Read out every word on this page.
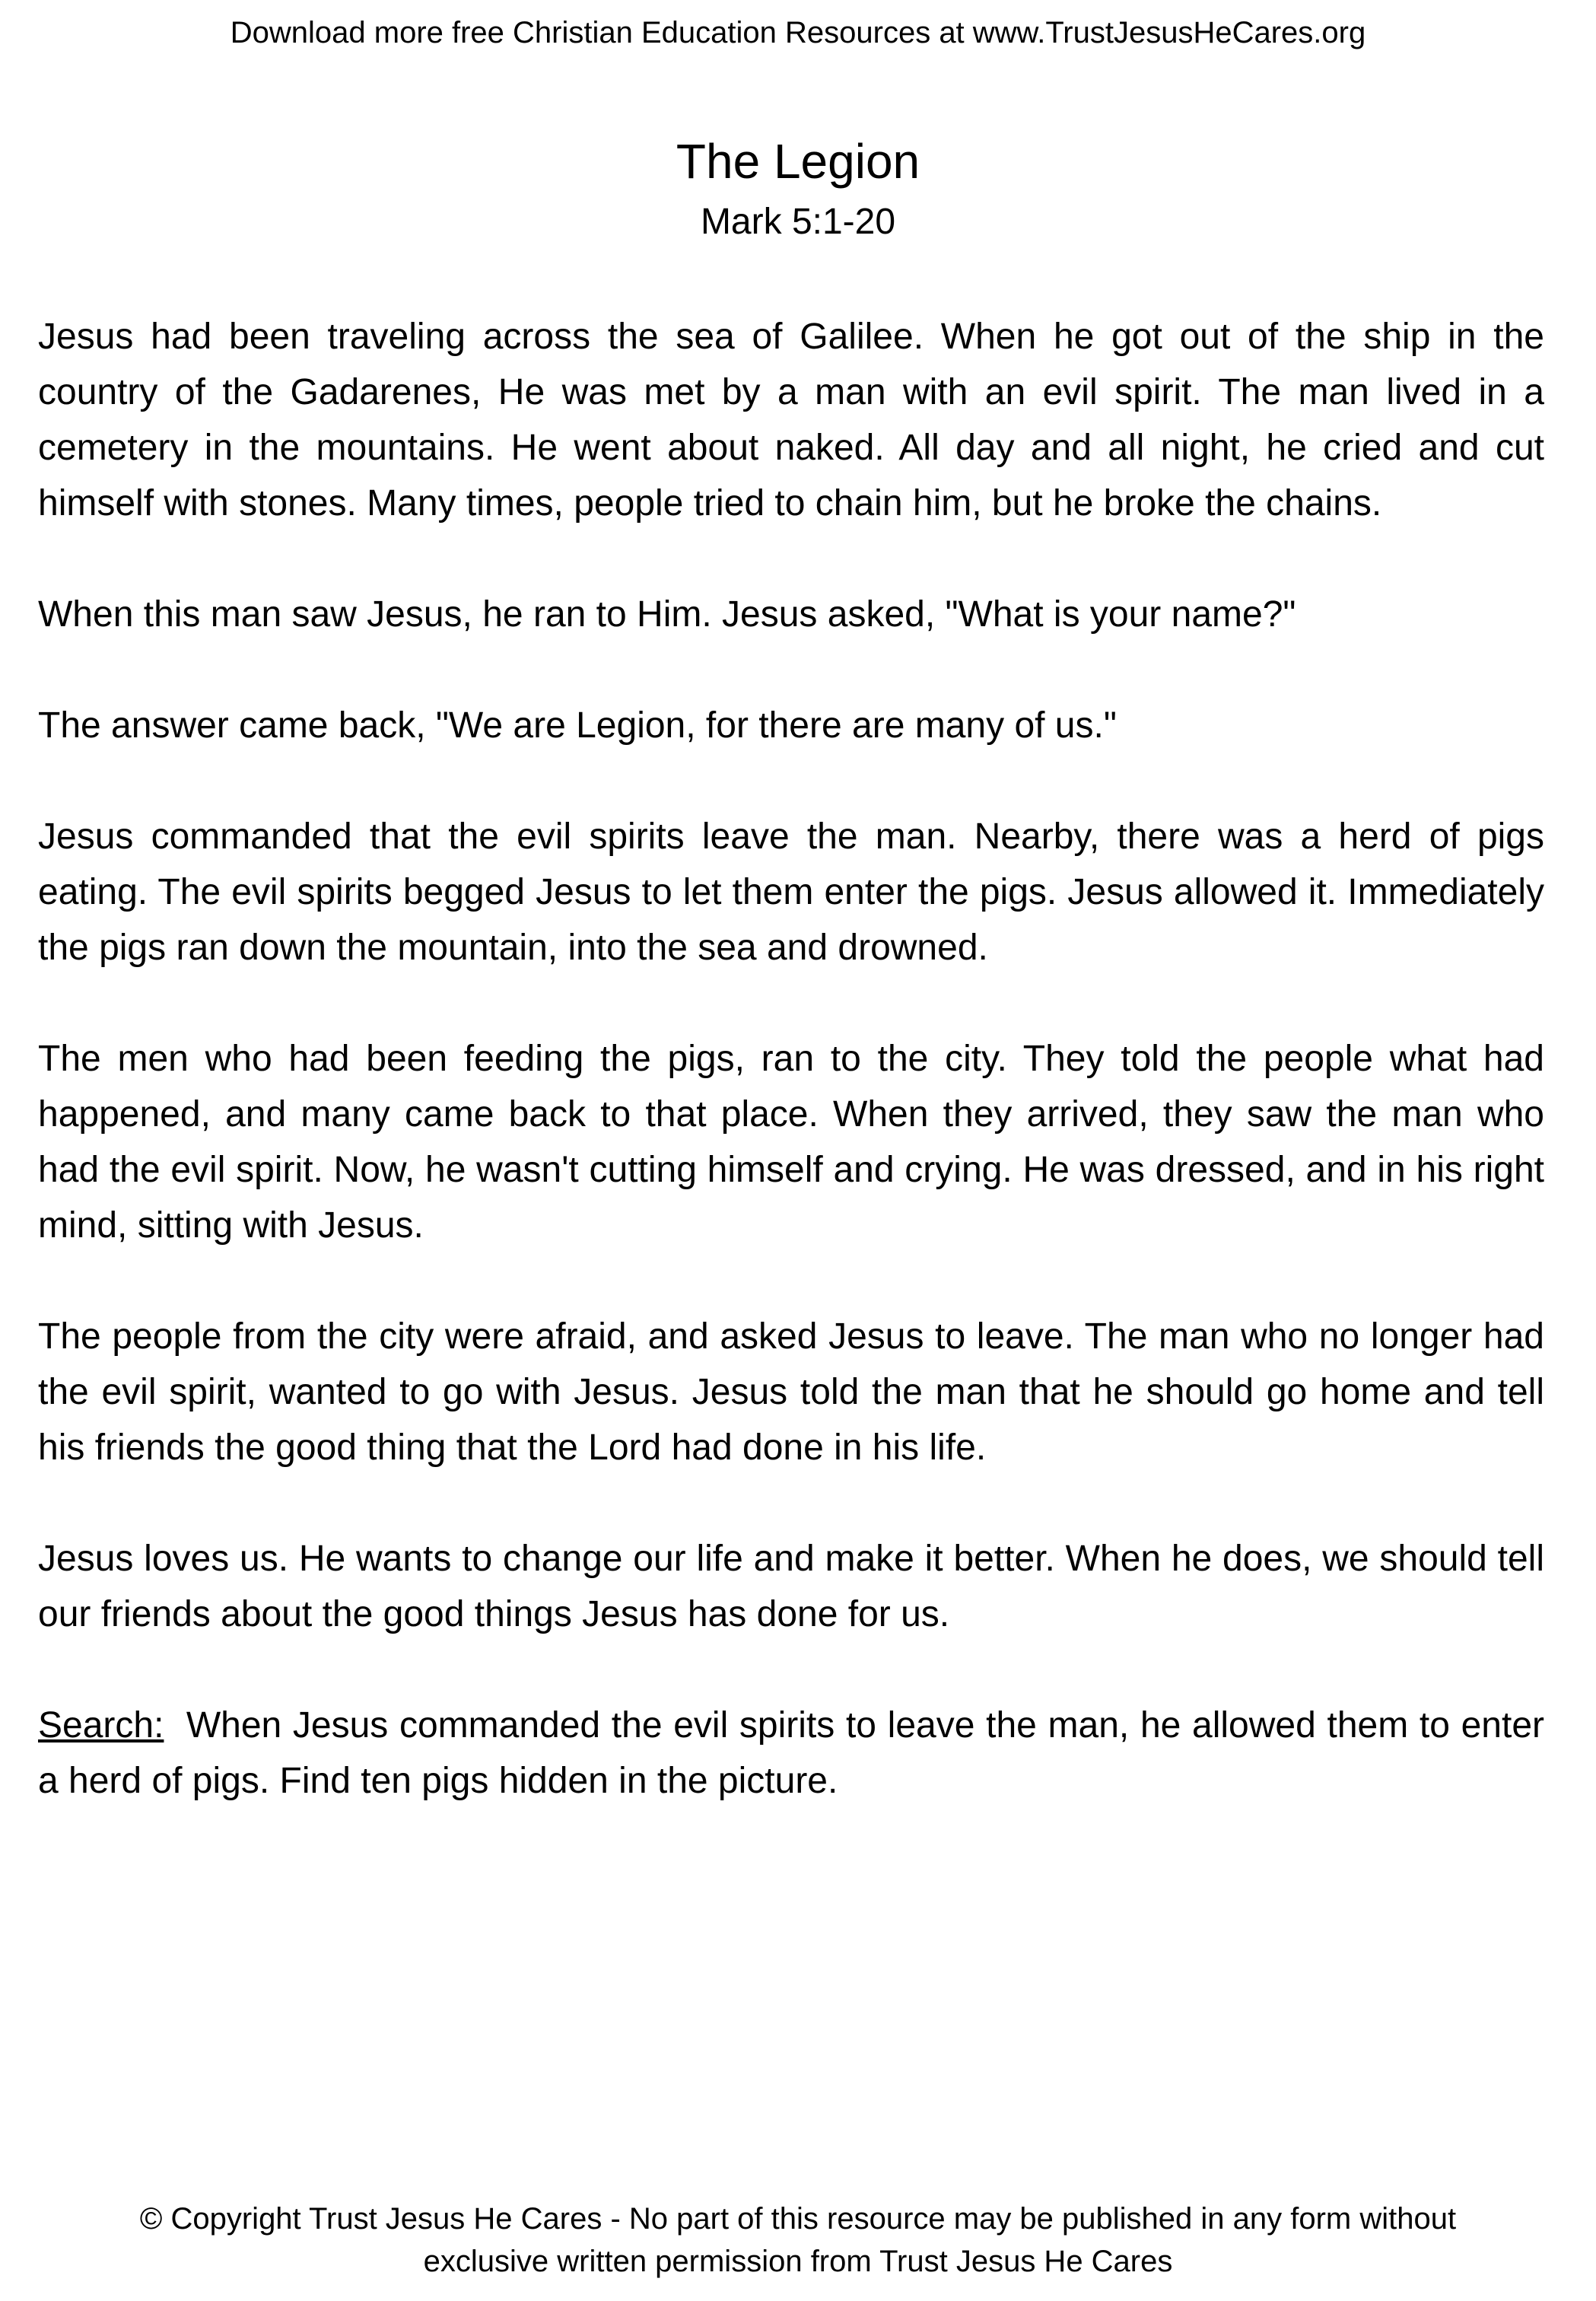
Download more free Christian Education Resources at www.TrustJesusHeCares.org
The Legion
Mark 5:1-20

Jesus had been traveling across the sea of Galilee. When he got out of the ship in the country of the Gadarenes, He was met by a man with an evil spirit. The man lived in a cemetery in the mountains. He went about naked. All day and all night, he cried and cut himself with stones. Many times, people tried to chain him, but he broke the chains.

When this man saw Jesus, he ran to Him. Jesus asked, "What is your name?"

The answer came back, "We are Legion, for there are many of us."

Jesus commanded that the evil spirits leave the man. Nearby, there was a herd of pigs eating. The evil spirits begged Jesus to let them enter the pigs. Jesus allowed it. Immediately the pigs ran down the mountain, into the sea and drowned.

The men who had been feeding the pigs, ran to the city. They told the people what had happened, and many came back to that place. When they arrived, they saw the man who had the evil spirit. Now, he wasn't cutting himself and crying. He was dressed, and in his right mind, sitting with Jesus.

The people from the city were afraid, and asked Jesus to leave. The man who no longer had the evil spirit, wanted to go with Jesus. Jesus told the man that he should go home and tell his friends the good thing that the Lord had done in his life.

Jesus loves us. He wants to change our life and make it better. When he does, we should tell our friends about the good things Jesus has done for us.

Search: When Jesus commanded the evil spirits to leave the man, he allowed them to enter a herd of pigs. Find ten pigs hidden in the picture.

© Copyright Trust Jesus He Cares - No part of this resource may be published in any form without
exclusive written permission from Trust Jesus He Cares
